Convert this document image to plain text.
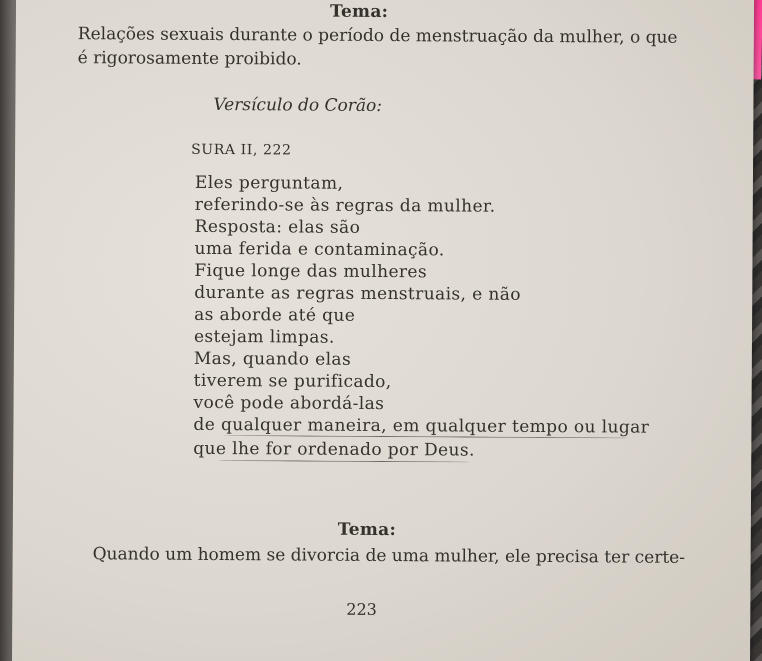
Tema:
Relações sexuais durante o período de menstruação da mulher, o que
é rigorosamente proibido.
Versículo do Corão:
SURA II, 222
Eles perguntam,
referindo-se às regras da mulher.
Resposta: elas são
uma ferida e contaminação.
Fique longe das mulheres
durante as regras menstruais, e não
as aborde até que
estejam limpas.
Mas, quando elas
tiverem se purificado,
você pode abordá-las
de qualquer maneira, em qualquer tempo ou lugar
que lhe for ordenado por Deus.
Tema:
Quando um homem se divorcia de uma mulher, ele precisa ter certe-
223
